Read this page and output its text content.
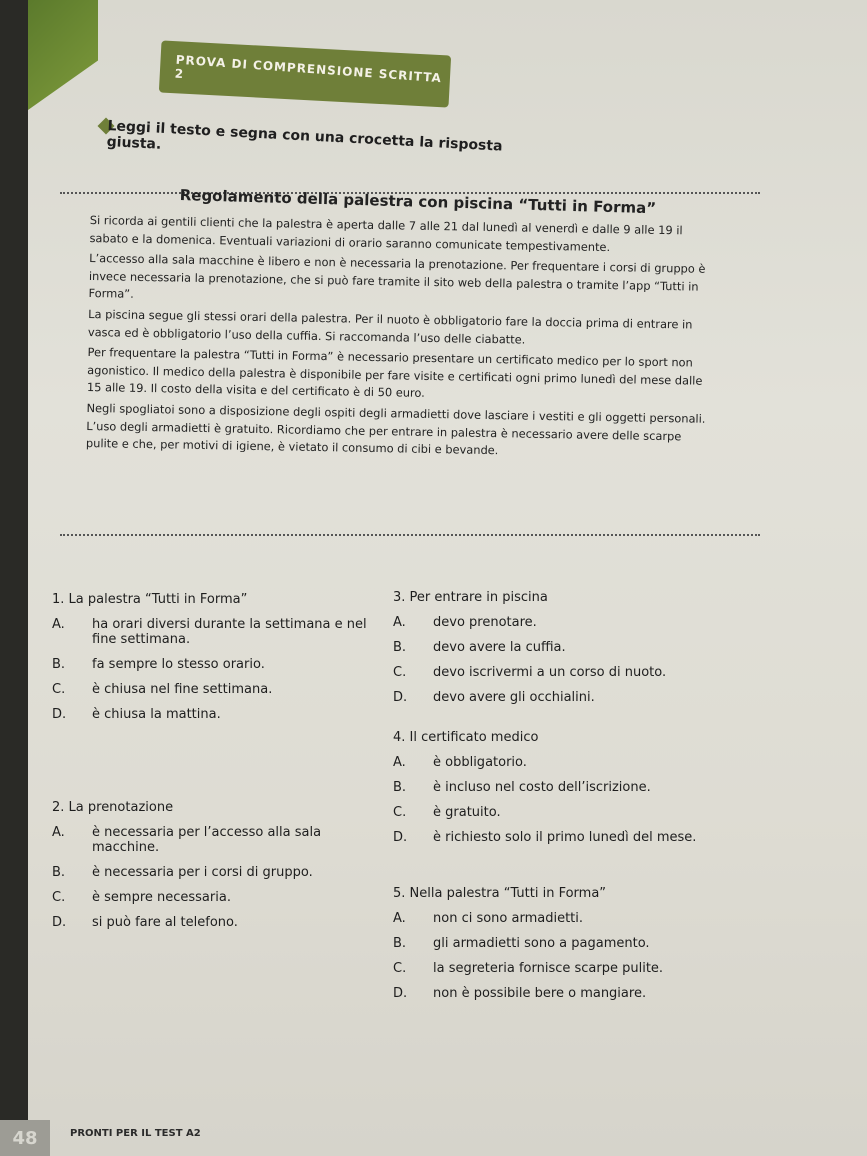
PROVA DI COMPRENSIONE SCRITTA 2
Leggi il testo e segna con una crocetta la risposta giusta.
Regolamento della palestra con piscina “Tutti in Forma”

Si ricorda ai gentili clienti che la palestra è aperta dalle 7 alle 21 dal lunedì al venerdì e dalle 9 alle 19 il sabato e la domenica. Eventuali variazioni di orario saranno comunicate tempestivamente.

L’accesso alla sala macchine è libero e non è necessaria la prenotazione. Per frequentare i corsi di gruppo è invece necessaria la prenotazione, che si può fare tramite il sito web della palestra o tramite l’app “Tutti in Forma”.

La piscina segue gli stessi orari della palestra. Per il nuoto è obbligatorio fare la doccia prima di entrare in vasca ed è obbligatorio l’uso della cuffia. Si raccomanda l’uso delle ciabatte.

Per frequentare la palestra “Tutti in Forma” è necessario presentare un certificato medico per lo sport non agonistico. Il medico della palestra è disponibile per fare visite e certificati ogni primo lunedì del mese dalle 15 alle 19. Il costo della visita e del certificato è di 50 euro.

Negli spogliatoi sono a disposizione degli ospiti degli armadietti dove lasciare i vestiti e gli oggetti personali. L’uso degli armadietti è gratuito. Ricordiamo che per entrare in palestra è necessario avere delle scarpe pulite e che, per motivi di igiene, è vietato il consumo di cibi e bevande.

1. La palestra “Tutti in Forma”
A.	ha orari diversi durante la settimana e nel fine settimana.
B.	fa sempre lo stesso orario.
C.	è chiusa nel fine settimana.
D.	è chiusa la mattina.
2. La prenotazione
A.	è necessaria per l’accesso alla sala macchine.
B.	è necessaria per i corsi di gruppo.
C.	è sempre necessaria.
D.	si può fare al telefono.
3. Per entrare in piscina
A.	devo prenotare.
B.	devo avere la cuffia.
C.	devo iscrivermi a un corso di nuoto.
D.	devo avere gli occhialini.
4. Il certificato medico
A.	è obbligatorio.
B.	è incluso nel costo dell’iscrizione.
C.	è gratuito.
D.	è richiesto solo il primo lunedì del mese.
5. Nella palestra “Tutti in Forma”
A.	non ci sono armadietti.
B.	gli armadietti sono a pagamento.
C.	la segreteria fornisce scarpe pulite.
D.	non è possibile bere o mangiare.
48	PRONTI PER IL TEST A2
